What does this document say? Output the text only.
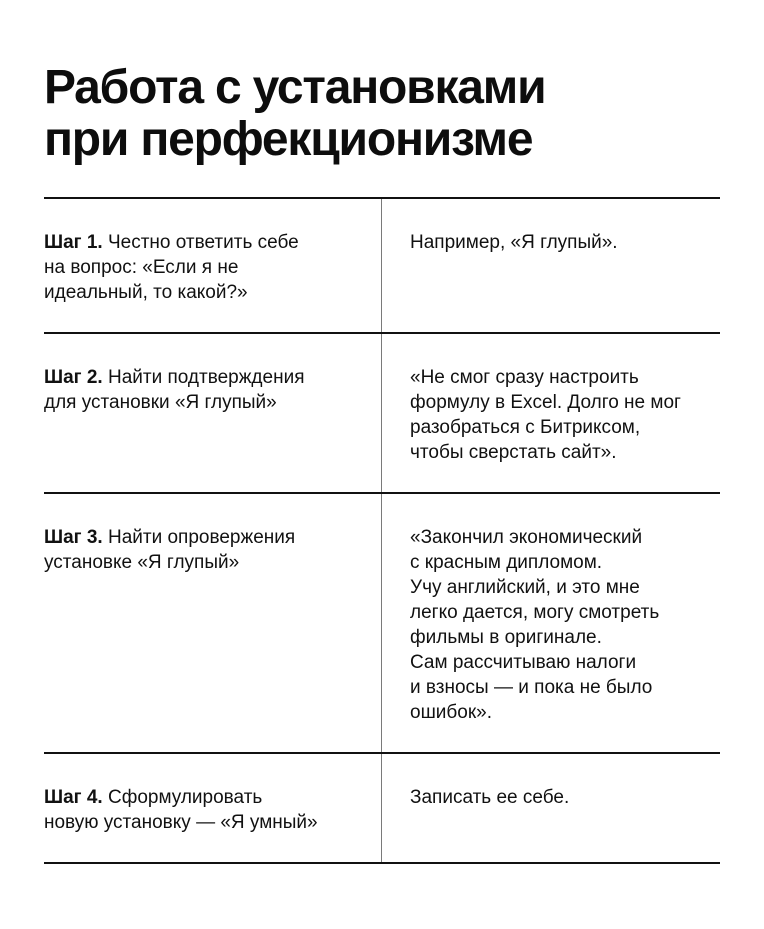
Работа с установками
при перфекционизме
Шаг 1. Честно ответить себе
на вопрос: «Если я не
идеальный, то какой?»
Например, «Я глупый».
Шаг 2. Найти подтверждения
для установки «Я глупый»
«Не смог сразу настроить
формулу в Excel. Долго не мог
разобраться с Битриксом,
чтобы сверстать сайт».
Шаг 3. Найти опровержения
установке «Я глупый»
«Закончил экономический
с красным дипломом.
Учу английский, и это мне
легко дается, могу смотреть
фильмы в оригинале.
Сам рассчитываю налоги
и взносы — и пока не было
ошибок».
Шаг 4. Сформулировать
новую установку — «Я умный»
Записать ее себе.
